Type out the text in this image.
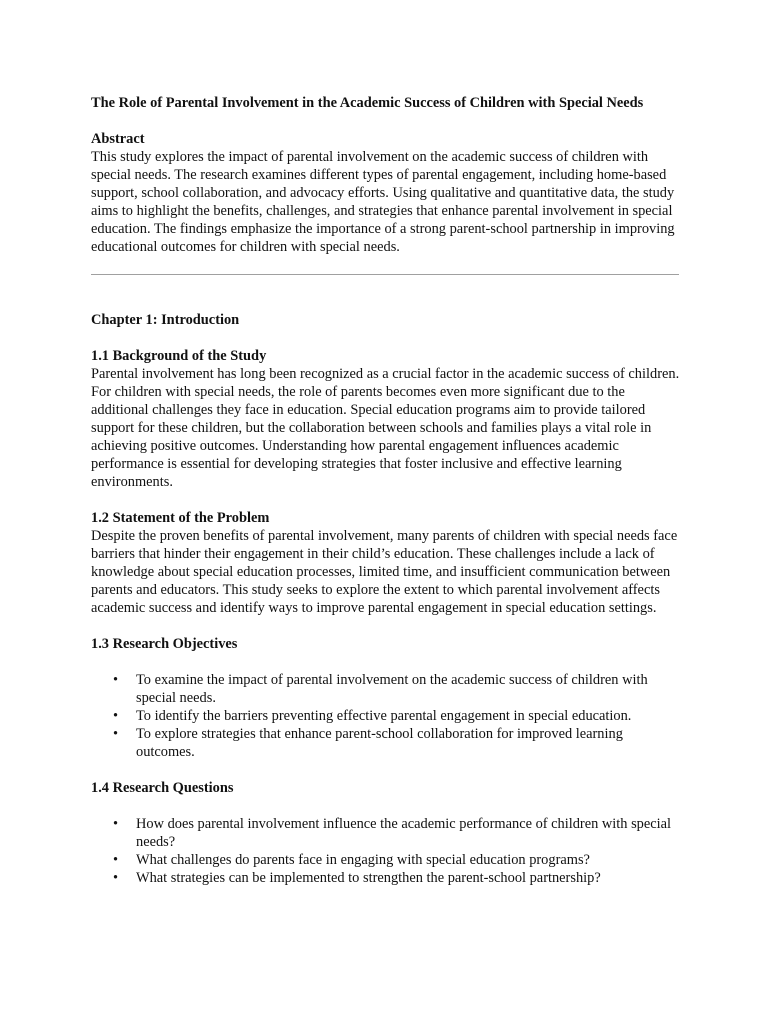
The Role of Parental Involvement in the Academic Success of Children with Special Needs
Abstract

This study explores the impact of parental involvement on the academic success of children with special needs. The research examines different types of parental engagement, including home-based support, school collaboration, and advocacy efforts. Using qualitative and quantitative data, the study aims to highlight the benefits, challenges, and strategies that enhance parental involvement in special education. The findings emphasize the importance of a strong parent-school partnership in improving educational outcomes for children with special needs.

Chapter 1: Introduction
1.1 Background of the Study

Parental involvement has long been recognized as a crucial factor in the academic success of children. For children with special needs, the role of parents becomes even more significant due to the additional challenges they face in education. Special education programs aim to provide tailored support for these children, but the collaboration between schools and families plays a vital role in achieving positive outcomes. Understanding how parental engagement influences academic performance is essential for developing strategies that foster inclusive and effective learning environments.

1.2 Statement of the Problem

Despite the proven benefits of parental involvement, many parents of children with special needs face barriers that hinder their engagement in their child’s education. These challenges include a lack of knowledge about special education processes, limited time, and insufficient communication between parents and educators. This study seeks to explore the extent to which parental involvement affects academic success and identify ways to improve parental engagement in special education settings.

1.3 Research Objectives
• To examine the impact of parental involvement on the academic success of children with special needs.
• To identify the barriers preventing effective parental engagement in special education.
• To explore strategies that enhance parent-school collaboration for improved learning outcomes.
1.4 Research Questions
• How does parental involvement influence the academic performance of children with special needs?
• What challenges do parents face in engaging with special education programs?
• What strategies can be implemented to strengthen the parent-school partnership?
